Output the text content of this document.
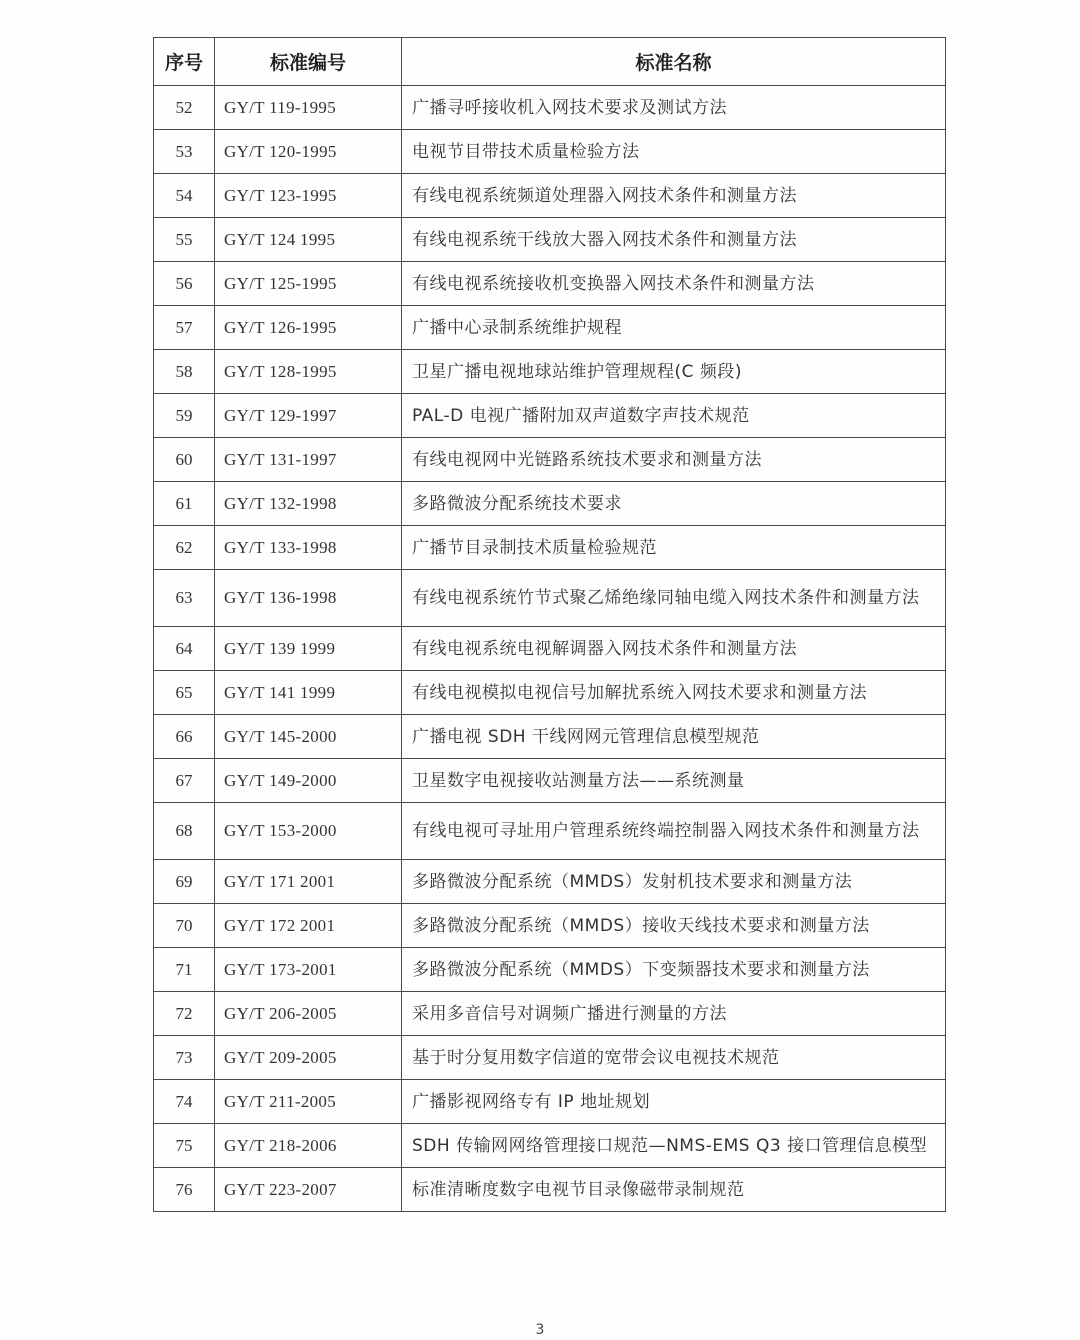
序号	标准编号	标准名称
52	GY/T 119-1995	广播寻呼接收机入网技术要求及测试方法
53	GY/T 120-1995	电视节目带技术质量检验方法
54	GY/T 123-1995	有线电视系统频道处理器入网技术条件和测量方法
55	GY/T 124 1995	有线电视系统干线放大器入网技术条件和测量方法
56	GY/T 125-1995	有线电视系统接收机变换器入网技术条件和测量方法
57	GY/T 126-1995	广播中心录制系统维护规程
58	GY/T 128-1995	卫星广播电视地球站维护管理规程(C 频段)
59	GY/T 129-1997	PAL-D 电视广播附加双声道数字声技术规范
60	GY/T 131-1997	有线电视网中光链路系统技术要求和测量方法
61	GY/T 132-1998	多路微波分配系统技术要求
62	GY/T 133-1998	广播节目录制技术质量检验规范
63	GY/T 136-1998	有线电视系统竹节式聚乙烯绝缘同轴电缆入网技术条件和测量方法
64	GY/T 139 1999	有线电视系统电视解调器入网技术条件和测量方法
65	GY/T 141 1999	有线电视模拟电视信号加解扰系统入网技术要求和测量方法
66	GY/T 145-2000	广播电视 SDH 干线网网元管理信息模型规范
67	GY/T 149-2000	卫星数字电视接收站测量方法——系统测量
68	GY/T 153-2000	有线电视可寻址用户管理系统终端控制器入网技术条件和测量方法
69	GY/T 171 2001	多路微波分配系统（MMDS）发射机技术要求和测量方法
70	GY/T 172 2001	多路微波分配系统（MMDS）接收天线技术要求和测量方法
71	GY/T 173-2001	多路微波分配系统（MMDS）下变频器技术要求和测量方法
72	GY/T 206-2005	采用多音信号对调频广播进行测量的方法
73	GY/T 209-2005	基于时分复用数字信道的宽带会议电视技术规范
74	GY/T 211-2005	广播影视网络专有 IP 地址规划
75	GY/T 218-2006	SDH 传输网网络管理接口规范—NMS-EMS Q3 接口管理信息模型
76	GY/T 223-2007	标准清晰度数字电视节目录像磁带录制规范
3
